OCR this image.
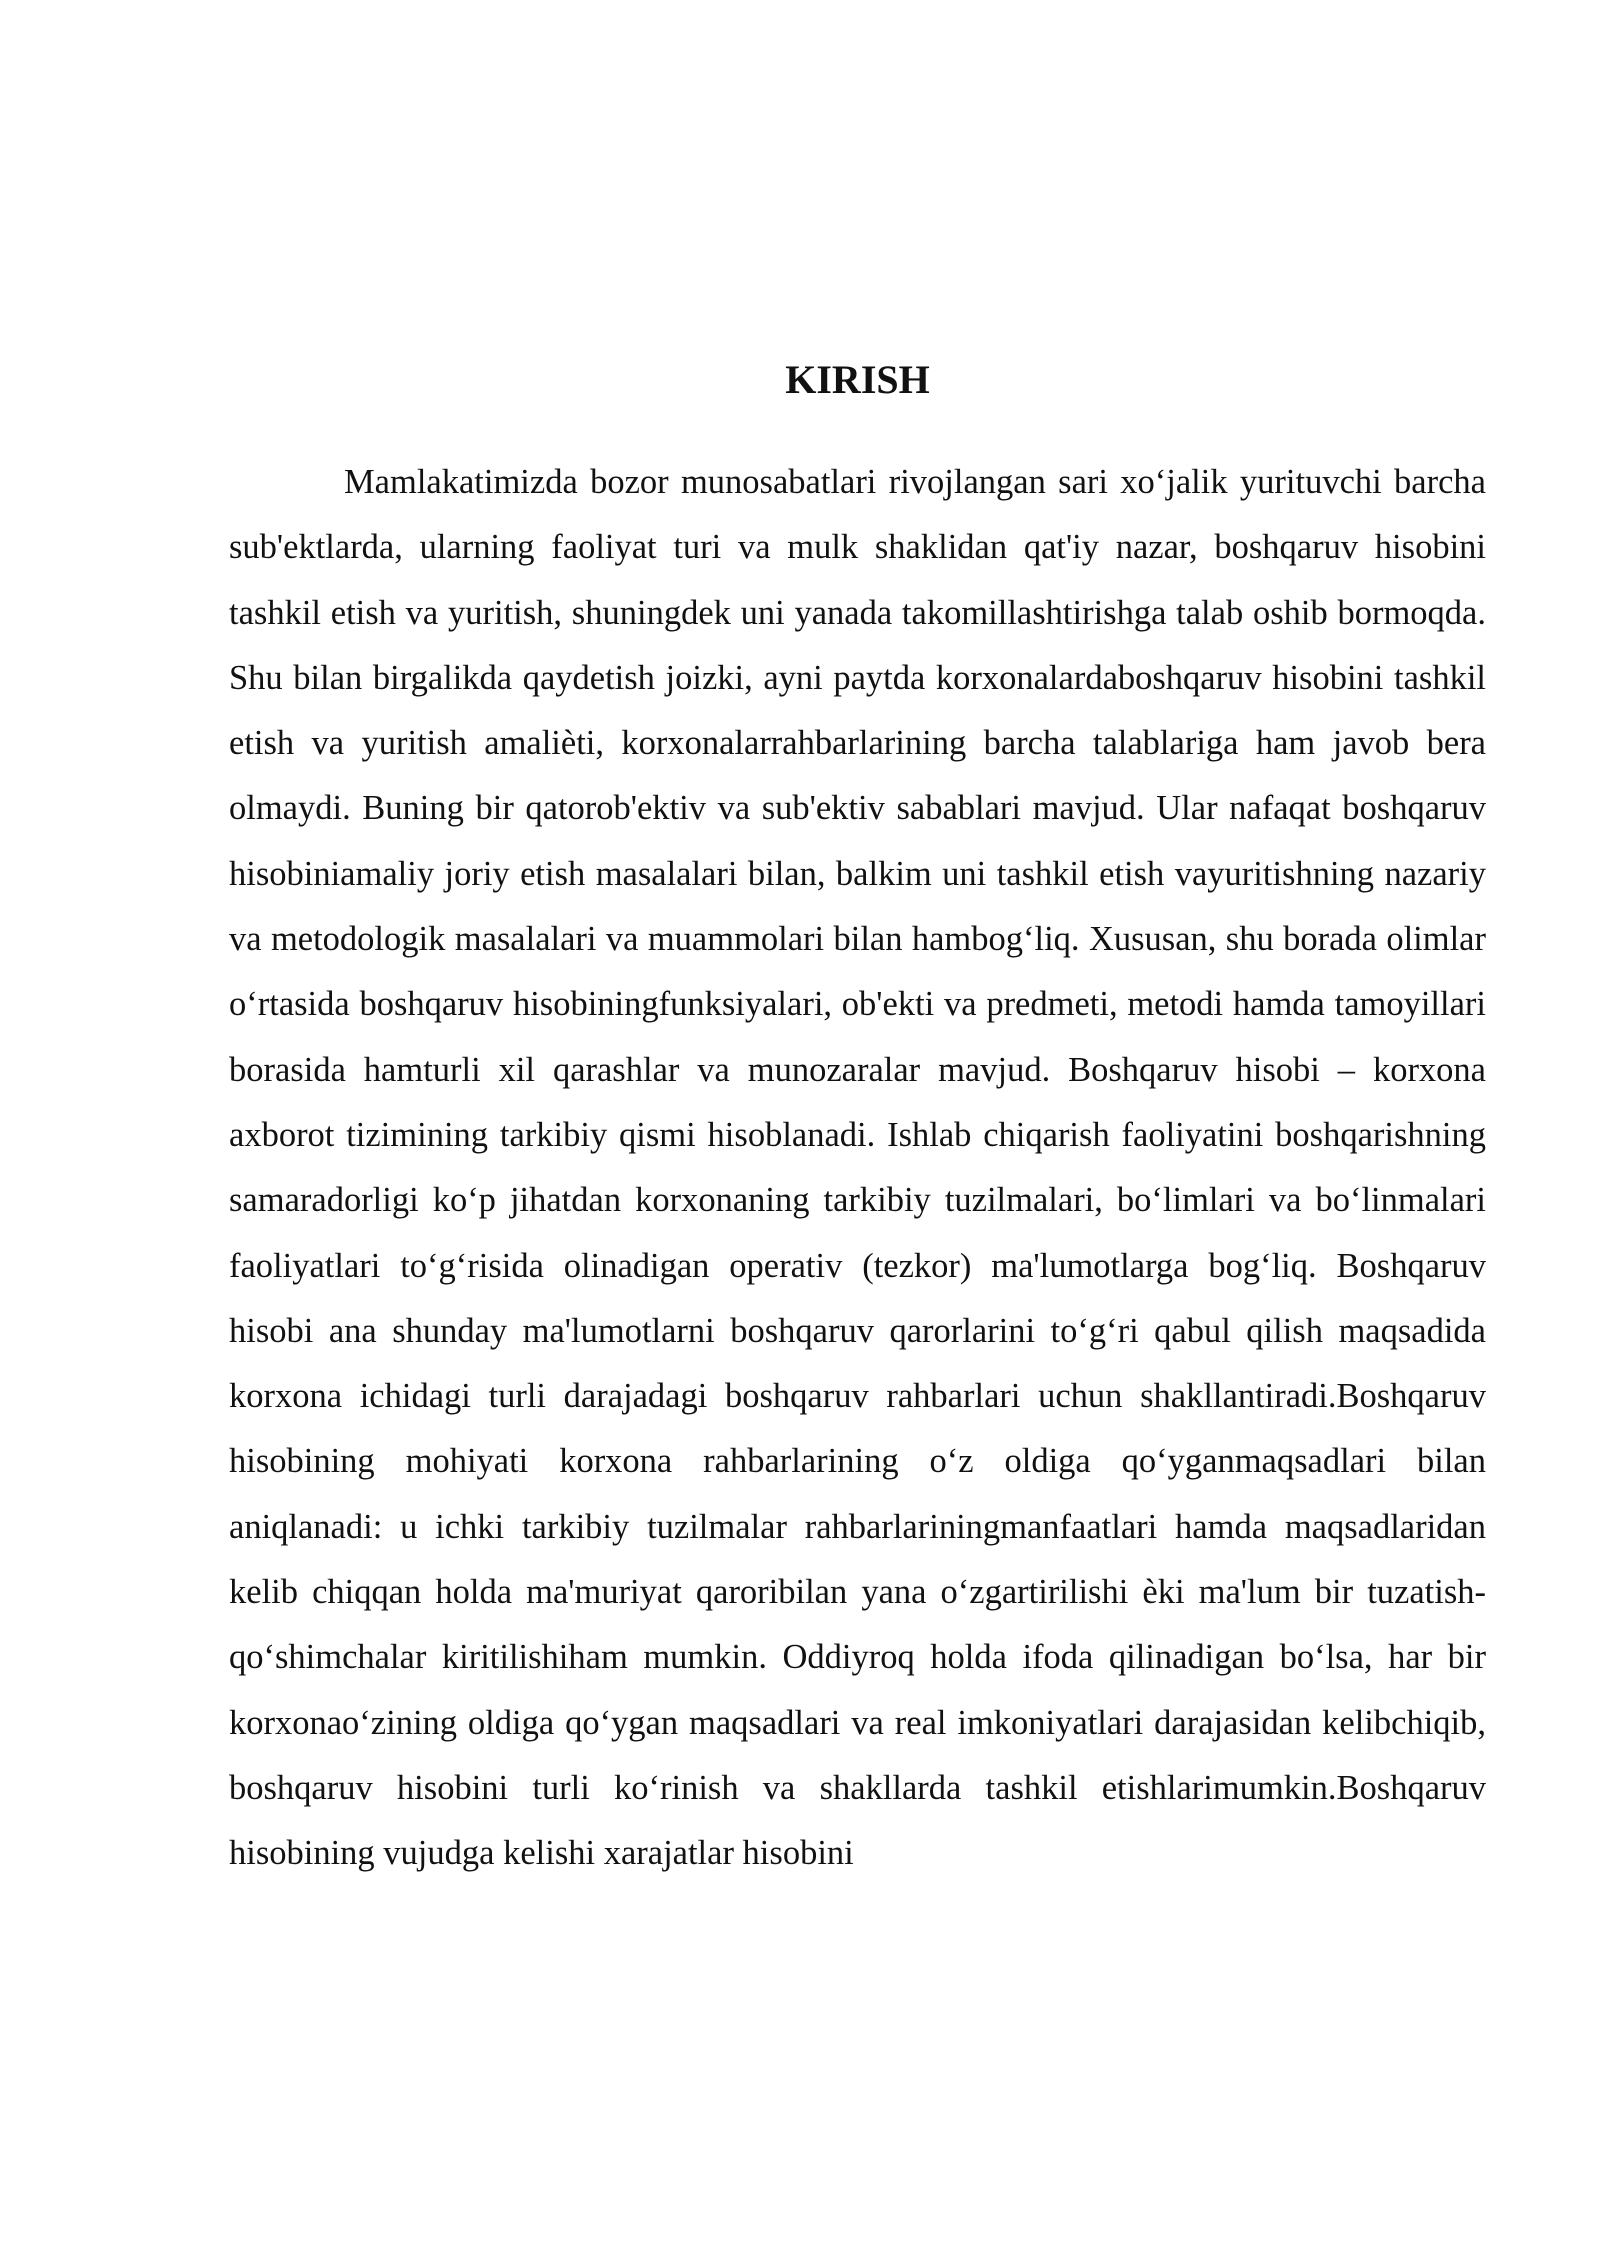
KIRISH

Mamlakatimizda bozor munosabatlari rivojlangan sari xo‘jalik yurituvchi barcha sub'ektlarda, ularning faoliyat turi va mulk shaklidan qat'iy nazar, boshqaruv hisobini tashkil etish va yuritish, shuningdek uni yanada takomillashtirishga talab oshib bormoqda. Shu bilan birgalikda qaydetish joizki, ayni paytda korxonalardaboshqaruv hisobini tashkil etish va yuritish amalièti, korxonalarrahbarlarining barcha talablariga ham javob bera olmaydi. Buning bir qatorob'ektiv va sub'ektiv sabablari mavjud. Ular nafaqat boshqaruv hisobiniamaliy joriy etish masalalari bilan, balkim uni tashkil etish vayuritishning nazariy va metodologik masalalari va muammolari bilan hambog‘liq. Xususan, shu borada olimlar o‘rtasida boshqaruv hisobiningfunksiyalari, ob'ekti va predmeti, metodi hamda tamoyillari borasida hamturli xil qarashlar va munozaralar mavjud. Boshqaruv hisobi – korxona axborot tizimining tarkibiy qismi hisoblanadi. Ishlab chiqarish faoliyatini boshqarishning samaradorligi ko‘p jihatdan korxonaning tarkibiy tuzilmalari, bo‘limlari va bo‘linmalari faoliyatlari to‘g‘risida olinadigan operativ (tezkor) ma'lumotlarga bog‘liq. Boshqaruv hisobi ana shunday ma'lumotlarni boshqaruv qarorlarini to‘g‘ri qabul qilish maqsadida korxona ichidagi turli darajadagi boshqaruv rahbarlari uchun shakllantiradi.Boshqaruv hisobining mohiyati korxona rahbarlarining o‘z oldiga qo‘yganmaqsadlari bilan aniqlanadi: u ichki tarkibiy tuzilmalar rahbarlariningmanfaatlari hamda maqsadlaridan kelib chiqqan holda ma'muriyat qaroribilan yana o‘zgartirilishi èki ma'lum bir tuzatish-qo‘shimchalar kiritilishiham mumkin. Oddiyroq holda ifoda qilinadigan bo‘lsa, har bir korxonao‘zining oldiga qo‘ygan maqsadlari va real imkoniyatlari darajasidan kelibchiqib, boshqaruv hisobini turli ko‘rinish va shakllarda tashkil etishlarimumkin.Boshqaruv hisobining vujudga kelishi xarajatlar hisobini
